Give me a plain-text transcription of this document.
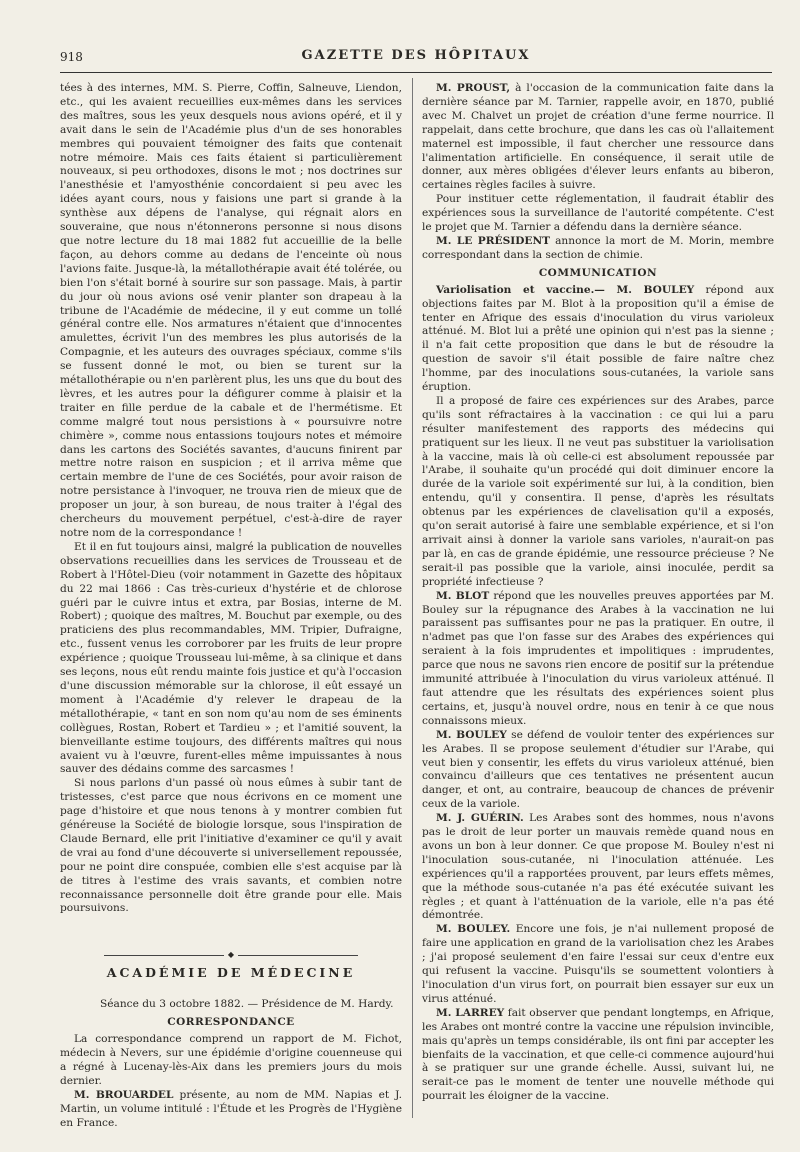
918	GAZETTE DES HÔPITAUX

tées à des internes, MM. S. Pierre, Coffin, Salneuve, Liendon, etc., qui les avaient recueillies eux-mêmes dans les services des maîtres, sous les yeux desquels nous avions opéré, et il y avait dans le sein de l'Académie plus d'un de ses honorables membres qui pouvaient témoigner des faits que contenait notre mémoire. Mais ces faits étaient si particulièrement nouveaux, si peu orthodoxes, disons le mot ; nos doctrines sur l'anesthésie et l'amyosthénie concordaient si peu avec les idées ayant cours, nous y faisions une part si grande à la synthèse aux dépens de l'analyse, qui régnait alors en souveraine, que nous n'étonnerons personne si nous disons que notre lecture du 18 mai 1882 fut accueillie de la belle façon, au dehors comme au dedans de l'enceinte où nous l'avions faite. Jusque-là, la métallothérapie avait été tolérée, ou bien l'on s'était borné à sourire sur son passage. Mais, à partir du jour où nous avions osé venir planter son drapeau à la tribune de l'Académie de médecine, il y eut comme un tollé général contre elle. Nos armatures n'étaient que d'innocentes amulettes, écrivit l'un des membres les plus autorisés de la Compagnie, et les auteurs des ouvrages spéciaux, comme s'ils se fussent donné le mot, ou bien se turent sur la métallothérapie ou n'en parlèrent plus, les uns que du bout des lèvres, et les autres pour la défigurer comme à plaisir et la traiter en fille perdue de la cabale et de l'hermétisme. Et comme malgré tout nous persistions à « poursuivre notre chimère », comme nous entassions toujours notes et mémoire dans les cartons des Sociétés savantes, d'aucuns finirent par mettre notre raison en suspicion ; et il arriva même que certain membre de l'une de ces Sociétés, pour avoir raison de notre persistance à l'invoquer, ne trouva rien de mieux que de proposer un jour, à son bureau, de nous traiter à l'égal des chercheurs du mouvement perpétuel, c'est-à-dire de rayer notre nom de la correspondance !

Et il en fut toujours ainsi, malgré la publication de nouvelles observations recueillies dans les services de Trousseau et de Robert à l'Hôtel-Dieu (voir notamment in Gazette des hôpitaux du 22 mai 1866 : Cas très-curieux d'hystérie et de chlorose guéri par le cuivre intus et extra, par Bosias, interne de M. Robert) ; quoique des maîtres, M. Bouchut par exemple, ou des praticiens des plus recommandables, MM. Tripier, Dufraigne, etc., fussent venus les corroborer par les fruits de leur propre expérience ; quoique Trousseau lui-même, à sa clinique et dans ses leçons, nous eût rendu mainte fois justice et qu'à l'occasion d'une discussion mémorable sur la chlorose, il eût essayé un moment à l'Académie d'y relever le drapeau de la métallothérapie, « tant en son nom qu'au nom de ses éminents collègues, Rostan, Robert et Tardieu » ; et l'amitié souvent, la bienveillante estime toujours, des différents maîtres qui nous avaient vu à l'œuvre, furent-elles même impuissantes à nous sauver des dédains comme des sarcasmes !

Si nous parlons d'un passé où nous eûmes à subir tant de tristesses, c'est parce que nous écrivons en ce moment une page d'histoire et que nous tenons à y montrer combien fut généreuse la Société de biologie lorsque, sous l'inspiration de Claude Bernard, elle prit l'initiative d'examiner ce qu'il y avait de vrai au fond d'une découverte si universellement repoussée, pour ne point dire conspuée, combien elle s'est acquise par là de titres à l'estime des vrais savants, et combien notre reconnaissance personnelle doit être grande pour elle. Mais poursuivons.

◆
ACADÉMIE DE MÉDECINE

Séance du 3 octobre 1882. — Présidence de M. Hardy.

CORRESPONDANCE

La correspondance comprend un rapport de M. Fichot, médecin à Nevers, sur une épidémie d'origine couenneuse qui a régné à Lucenay-lès-Aix dans les premiers jours du mois dernier.

M. BROUARDEL présente, au nom de MM. Napias et J. Martin, un volume intitulé : l'Étude et les Progrès de l'Hygiène en France.

M. PROUST, à l'occasion de la communication faite dans la dernière séance par M. Tarnier, rappelle avoir, en 1870, publié avec M. Chalvet un projet de création d'une ferme nourrice. Il rappelait, dans cette brochure, que dans les cas où l'allaitement maternel est impossible, il faut chercher une ressource dans l'alimentation artificielle. En conséquence, il serait utile de donner, aux mères obligées d'élever leurs enfants au biberon, certaines règles faciles à suivre.

Pour instituer cette réglementation, il faudrait établir des expériences sous la surveillance de l'autorité compétente. C'est le projet que M. Tarnier a défendu dans la dernière séance.

M. LE PRÉSIDENT annonce la mort de M. Morin, membre correspondant dans la section de chimie.

COMMUNICATION

Variolisation et vaccine.— M. BOULEY répond aux objections faites par M. Blot à la proposition qu'il a émise de tenter en Afrique des essais d'inoculation du virus varioleux atténué. M. Blot lui a prêté une opinion qui n'est pas la sienne ; il n'a fait cette proposition que dans le but de résoudre la question de savoir s'il était possible de faire naître chez l'homme, par des inoculations sous-cutanées, la variole sans éruption.

Il a proposé de faire ces expériences sur des Arabes, parce qu'ils sont réfractaires à la vaccination : ce qui lui a paru résulter manifestement des rapports des médecins qui pratiquent sur les lieux. Il ne veut pas substituer la variolisation à la vaccine, mais là où celle-ci est absolument repoussée par l'Arabe, il souhaite qu'un procédé qui doit diminuer encore la durée de la variole soit expérimenté sur lui, à la condition, bien entendu, qu'il y consentira. Il pense, d'après les résultats obtenus par les expériences de clavelisation qu'il a exposés, qu'on serait autorisé à faire une semblable expérience, et si l'on arrivait ainsi à donner la variole sans varioles, n'aurait-on pas par là, en cas de grande épidémie, une ressource précieuse ? Ne serait-il pas possible que la variole, ainsi inoculée, perdit sa propriété infectieuse ?

M. BLOT répond que les nouvelles preuves apportées par M. Bouley sur la répugnance des Arabes à la vaccination ne lui paraissent pas suffisantes pour ne pas la pratiquer. En outre, il n'admet pas que l'on fasse sur des Arabes des expériences qui seraient à la fois imprudentes et impolitiques : imprudentes, parce que nous ne savons rien encore de positif sur la prétendue immunité attribuée à l'inoculation du virus varioleux atténué. Il faut attendre que les résultats des expériences soient plus certains, et, jusqu'à nouvel ordre, nous en tenir à ce que nous connaissons mieux.

M. BOULEY se défend de vouloir tenter des expériences sur les Arabes. Il se propose seulement d'étudier sur l'Arabe, qui veut bien y consentir, les effets du virus varioleux atténué, bien convaincu d'ailleurs que ces tentatives ne présentent aucun danger, et ont, au contraire, beaucoup de chances de prévenir ceux de la variole.

M. J. GUÉRIN. Les Arabes sont des hommes, nous n'avons pas le droit de leur porter un mauvais remède quand nous en avons un bon à leur donner. Ce que propose M. Bouley n'est ni l'inoculation sous-cutanée, ni l'inoculation atténuée. Les expériences qu'il a rapportées prouvent, par leurs effets mêmes, que la méthode sous-cutanée n'a pas été exécutée suivant les règles ; et quant à l'atténuation de la variole, elle n'a pas été démontrée.

M. BOULEY. Encore une fois, je n'ai nullement proposé de faire une application en grand de la variolisation chez les Arabes ; j'ai proposé seulement d'en faire l'essai sur ceux d'entre eux qui refusent la vaccine. Puisqu'ils se soumettent volontiers à l'inoculation d'un virus fort, on pourrait bien essayer sur eux un virus atténué.

M. LARREY fait observer que pendant longtemps, en Afrique, les Arabes ont montré contre la vaccine une répulsion invincible, mais qu'après un temps considérable, ils ont fini par accepter les bienfaits de la vaccination, et que celle-ci commence aujourd'hui à se pratiquer sur une grande échelle. Aussi, suivant lui, ne serait-ce pas le moment de tenter une nouvelle méthode qui pourrait les éloigner de la vaccine.
